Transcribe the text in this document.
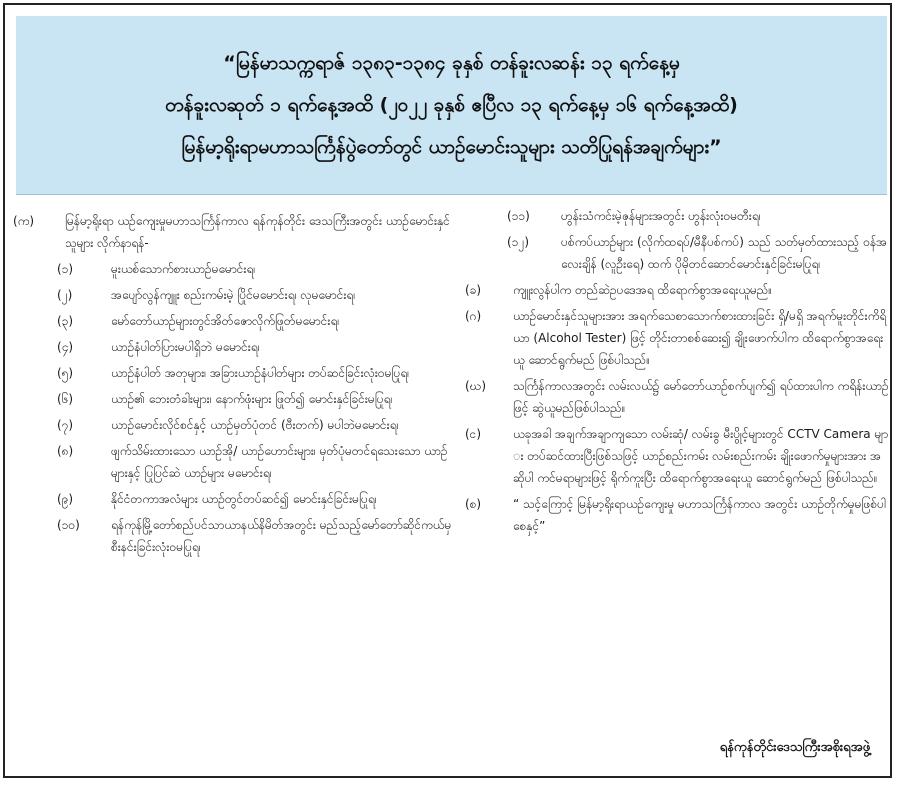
“မြန်မာသက္ကရာဇ် ၁၃၈၃-၁၃၈၄ ခုနှစ် တန်ခူးလဆန်း ၁၃ ရက်နေ့မှ
တန်ခူးလဆုတ် ၁ ရက်နေ့အထိ (၂၀၂၂ ခုနှစ် ဧပြီလ ၁၃ ရက်နေ့မှ ၁၆ ရက်နေ့အထိ)
မြန်မာ့ရိုးရာမဟာသင်္ကြန်ပွဲတော်တွင် ယာဉ်မောင်းသူများ သတိပြုရန်အချက်များ”
(က)	မြန်မာ့ရိုးရာ ယဉ်ကျေးမှုမဟာသင်္ကြန်ကာလ ရန်ကုန်တိုင်း ဒေသကြီးအတွင်း ယာဉ်မောင်းနှင်သူများ လိုက်နာရန်-
(၁)	မူးယစ်သောက်စားယာဉ်မမောင်းရ၊
(၂)	အပျော်လွန်ကျူး စည်းကမ်းမဲ့ ပြိုင်မမောင်းရ၊ လုမမောင်းရ၊
(၃)	မော်တော်ယာဉ်များတွင်အိတ်ဇောလိုက်ဖြုတ်မမောင်းရ၊
(၄)	ယာဉ်နံပါတ်ပြားမပါရှိဘဲ မမောင်းရ၊
(၅)	ယာဉ်နံပါတ် အတုများ၊ အခြားယာဉ်နံပါတ်များ တပ်ဆင်ခြင်းလုံးဝမပြုရ၊
(၆)	ယာဉ်၏ ဘေးတံခါးများ၊ နောက်ဖုံးများ ဖြုတ်၍ မောင်းနှင်ခြင်းမပြုရ၊
(၇)	ယာဉ်မောင်းလိုင်စင်နှင့် ယာဉ်မှတ်ပုံတင် (ဗီးတက်) မပါဘဲမမောင်းရ၊
(၈)	ဖျက်သိမ်းထားသော ယာဉ်အို/ ယာဉ်ဟောင်းများ၊ မှတ်ပုံမတင်ရသေးသော ယာဉ်များနှင့် ပြုပြင်ဆဲ ယာဉ်များ မမောင်းရ၊
(၉)	နိုင်ငံတကာအလံများ ယာဉ်တွင်တပ်ဆင်၍ မောင်းနှင်ခြင်းမပြုရ၊
(၁၀)	ရန်ကုန်မြို့တော်စည်ပင်သာယာနယ်နိမိတ်အတွင်း မည်သည့်မော်တော်ဆိုင်ကယ်မှ စီးနင်းခြင်းလုံးဝမပြုရ၊
(၁၁)	ဟွန်းသံကင်းမဲ့ဇုန်များအတွင်း ဟွန်းလုံးဝမတီးရ၊
(၁၂)	ပစ်ကပ်ယာဉ်များ (လိုက်ထရပ်/မီနီပစ်ကပ်) သည် သတ်မှတ်ထားသည့် ဝန်အလေးချိန် (လူဦးရေ) ထက် ပိုမိုတင်ဆောင်မောင်းနှင်ခြင်းမပြုရ၊
(ခ)	ကျူးလွန်ပါက တည်ဆဲဥပဒေအရ ထိရောက်စွာအရေးယူမည်။
(ဂ)	ယာဉ်မောင်းနှင်သူများအား အရက်သေစာသောက်စားထားခြင်း ရှိ/မရှိ အရက်မူးတိုင်းကိရိယာ (Alcohol Tester) ဖြင့် တိုင်းတာစစ်ဆေး၍ ချိုးဖောက်ပါက ထိရောက်စွာအရေးယူ ဆောင်ရွက်မည် ဖြစ်ပါသည်။
(ဃ) သင်္ကြန်ကာလအတွင်း လမ်းလယ်၌ မော်တော်ယာဉ်စက်ပျက်၍ ရပ်ထားပါက ကရိန်းယာဉ်ဖြင့် ဆွဲယူမည်ဖြစ်ပါသည်။
(င)	ယခုအခါ အချက်အချာကျသော လမ်းဆုံ/ လမ်းခွ မီးပွိုင့်များတွင် CCTV Camera များ တပ်ဆင်ထားပြီးဖြစ်သဖြင့် ယာဉ်စည်းကမ်း လမ်းစည်းကမ်း ချိုးဖောက်မှုများအား အဆိုပါ ကင်မရာများဖြင့် ရိုက်ကူးပြီး ထိရောက်စွာအရေးယူ ဆောင်ရွက်မည် ဖြစ်ပါသည်။
(စ)	“ သင့်ကြောင့် မြန်မာ့ရိုးရာယဉ်ကျေးမှု မဟာသင်္ကြန်ကာလ အတွင်း ယာဉ်တိုက်မှုမဖြစ်ပါစေနှင့်”
ရန်ကုန်တိုင်းဒေသကြီးအစိုးရအဖွဲ့
